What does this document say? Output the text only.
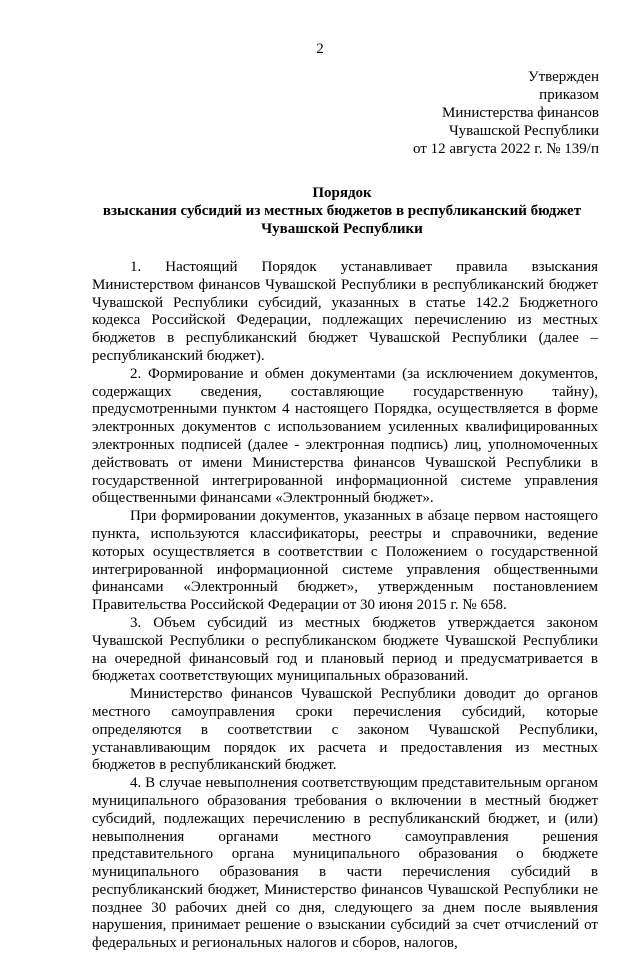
2
Утвержден
приказом
Министерства финансов
Чувашской Республики
от 12 августа 2022 г. № 139/п
Порядок
взыскания субсидий из местных бюджетов в республиканский бюджет
Чувашской Республики

1. Настоящий Порядок устанавливает правила взыскания Министерством финансов Чувашской Республики в республиканский бюджет Чувашской Республики субсидий, указанных в статье 142.2 Бюджетного кодекса Российской Федерации, подлежащих перечислению из местных бюджетов в республиканский бюджет Чувашской Республики (далее – республиканский бюджет).

2. Формирование и обмен документами (за исключением документов, содержащих сведения, составляющие государственную тайну), предусмотренными пунктом 4 настоящего Порядка, осуществляется в форме электронных документов с использованием усиленных квалифицированных электронных подписей (далее - электронная подпись) лиц, уполномоченных действовать от имени Министерства финансов Чувашской Республики в государственной интегрированной информационной системе управления общественными финансами «Электронный бюджет».

При формировании документов, указанных в абзаце первом настоящего пункта, используются классификаторы, реестры и справочники, ведение которых осуществляется в соответствии с Положением о государственной интегрированной информационной системе управления общественными финансами «Электронный бюджет», утвержденным постановлением Правительства Российской Федерации от 30 июня 2015 г. № 658.

3. Объем субсидий из местных бюджетов утверждается законом Чувашской Республики о республиканском бюджете Чувашской Республики на очередной финансовый год и плановый период и предусматривается в бюджетах соответствующих муниципальных образований.

Министерство финансов Чувашской Республики доводит до органов местного самоуправления сроки перечисления субсидий, которые определяются в соответствии с законом Чувашской Республики, устанавливающим порядок их расчета и предоставления из местных бюджетов в республиканский бюджет.

4. В случае невыполнения соответствующим представительным органом муниципального образования требования о включении в местный бюджет субсидий, подлежащих перечислению в республиканский бюджет, и (или) невыполнения органами местного самоуправления решения представительного органа муниципального образования о бюджете муниципального образования в части перечисления субсидий в республиканский бюджет, Министерство финансов Чувашской Республики не позднее 30 рабочих дней со дня, следующего за днем после выявления нарушения, принимает решение о взыскании субсидий за счет отчислений от федеральных и региональных налогов и сборов, налогов,
